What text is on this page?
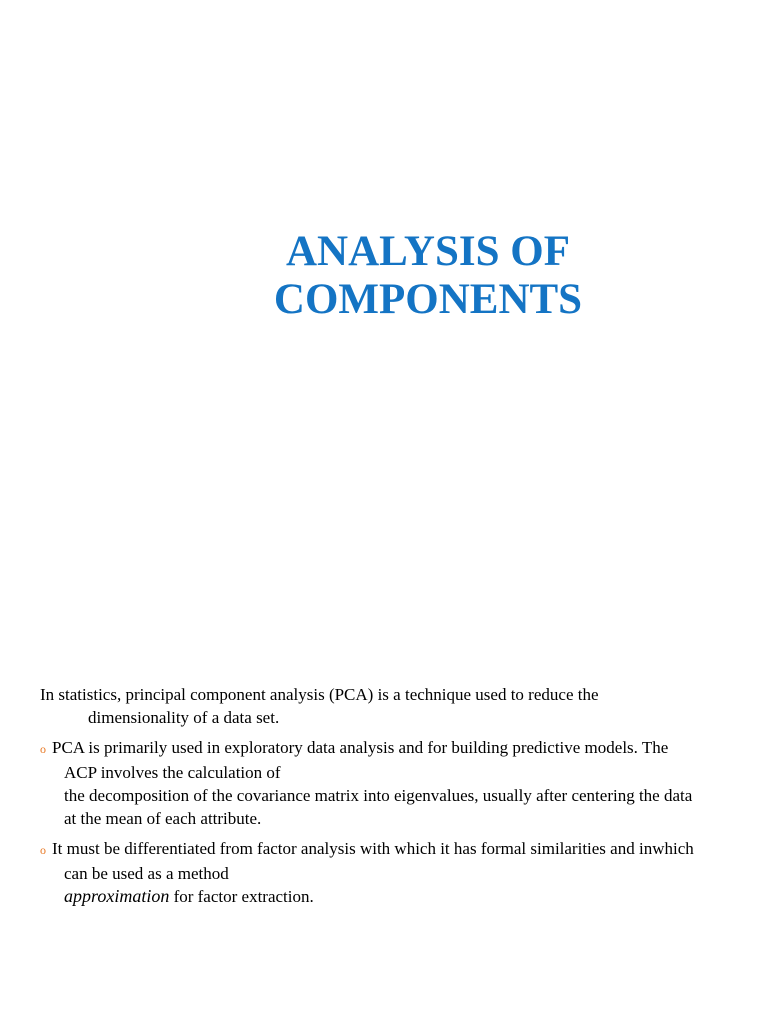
ANALYSIS OF
COMPONENTS

In statistics, principal component analysis (PCA) is a technique used to reduce the
dimensionality of a data set.

o PCA is primarily used in exploratory data analysis and for building predictive models. The
ACP involves the calculation of
the decomposition of the covariance matrix into eigenvalues, usually after centering the data
at the mean of each attribute.

o It must be differentiated from factor analysis with which it has formal similarities and inwhich
can be used as a method
approximation for factor extraction.
